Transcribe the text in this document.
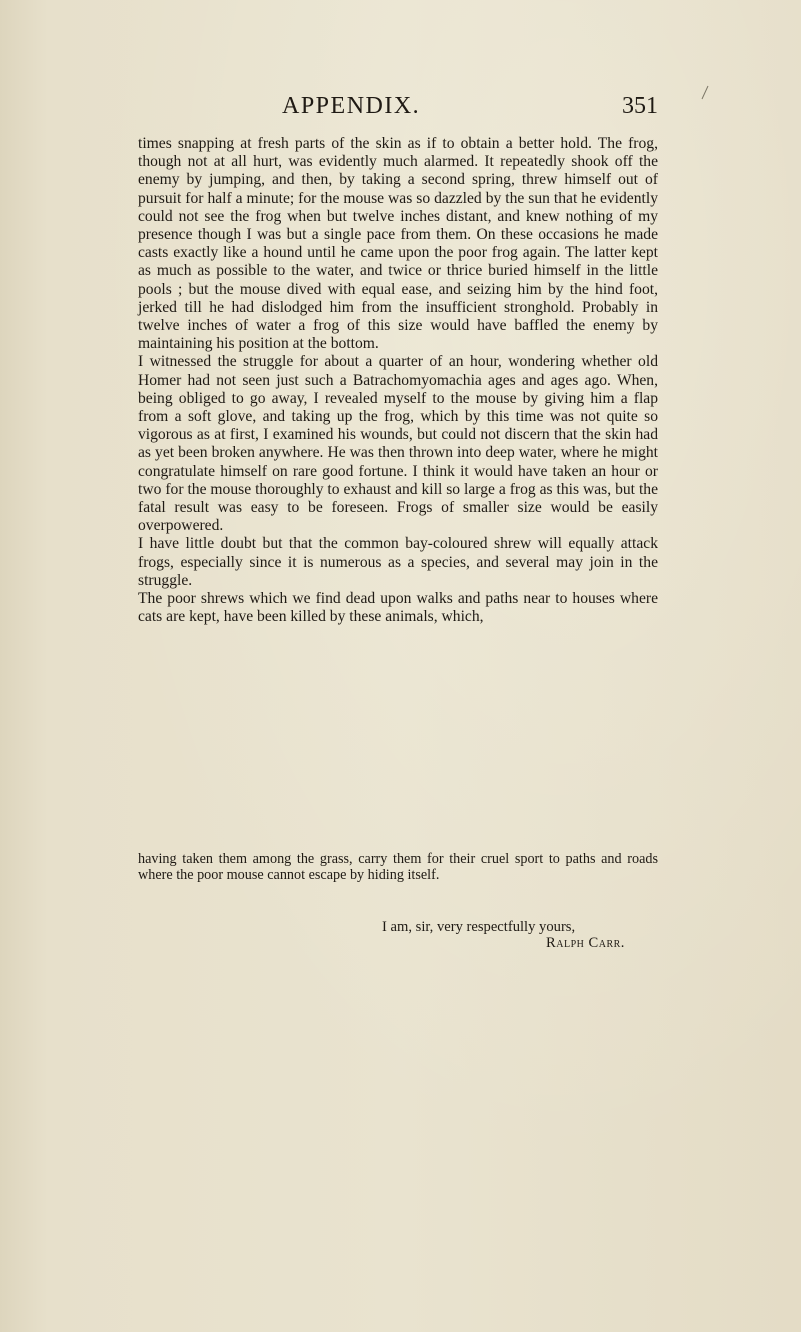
APPENDIX.	351

times snapping at fresh parts of the skin as if to obtain a better hold. The frog, though not at all hurt, was evidently much alarmed. It repeatedly shook off the enemy by jumping, and then, by taking a second spring, threw himself out of pursuit for half a minute; for the mouse was so dazzled by the sun that he evidently could not see the frog when but twelve inches distant, and knew nothing of my presence though I was but a single pace from them. On these occasions he made casts exactly like a hound until he came upon the poor frog again. The latter kept as much as possible to the water, and twice or thrice buried himself in the little pools ; but the mouse dived with equal ease, and seizing him by the hind foot, jerked till he had dislodged him from the insufficient stronghold. Probably in twelve inches of water a frog of this size would have baffled the enemy by maintaining his position at the bottom.

I witnessed the struggle for about a quarter of an hour, wondering whether old Homer had not seen just such a Batrachomyomachia ages and ages ago. When, being obliged to go away, I revealed myself to the mouse by giving him a flap from a soft glove, and taking up the frog, which by this time was not quite so vigorous as at first, I examined his wounds, but could not discern that the skin had as yet been broken anywhere. He was then thrown into deep water, where he might congratulate himself on rare good fortune. I think it would have taken an hour or two for the mouse thoroughly to exhaust and kill so large a frog as this was, but the fatal result was easy to be foreseen. Frogs of smaller size would be easily overpowered.

I have little doubt but that the common bay-coloured shrew will equally attack frogs, especially since it is numerous as a species, and several may join in the struggle.

The poor shrews which we find dead upon walks and paths near to houses where cats are kept, have been killed by these animals, which,

having taken them among the grass, carry them for their cruel sport to paths and roads where the poor mouse cannot escape by hiding itself.

I am, sir, very respectfully yours,
Ralph Carr.
